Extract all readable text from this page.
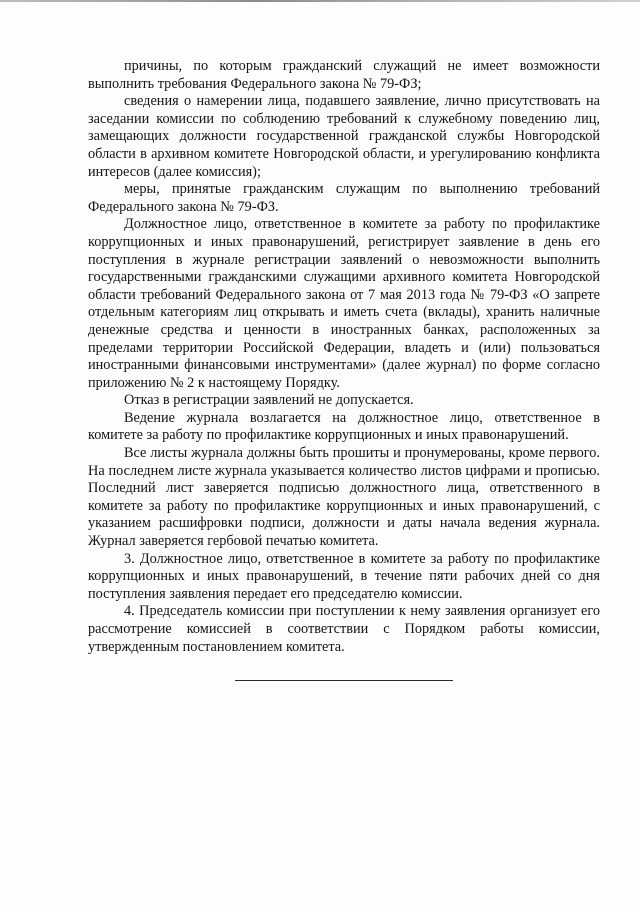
причины, по которым гражданский служащий не имеет возможности выполнить требования Федерального закона № 79-ФЗ;

сведения о намерении лица, подавшего заявление, лично присутствовать на заседании комиссии по соблюдению требований к служебному поведению лиц, замещающих должности государственной гражданской службы Новгородской области в архивном комитете Новгородской области, и урегулированию конфликта интересов (далее комиссия);

меры, принятые гражданским служащим по выполнению требований Федерального закона № 79-ФЗ.

Должностное лицо, ответственное в комитете за работу по профилактике коррупционных и иных правонарушений, регистрирует заявление в день его поступления в журнале регистрации заявлений о невозможности выполнить государственными гражданскими служащими архивного комитета Новгородской области требований Федерального закона от 7 мая 2013 года № 79-ФЗ «О запрете отдельным категориям лиц открывать и иметь счета (вклады), хранить наличные денежные средства и ценности в иностранных банках, расположенных за пределами территории Российской Федерации, владеть и (или) пользоваться иностранными финансовыми инструментами» (далее журнал) по форме согласно приложению № 2 к настоящему Порядку.

Отказ в регистрации заявлений не допускается.

Ведение журнала возлагается на должностное лицо, ответственное в комитете за работу по профилактике коррупционных и иных правонарушений.

Все листы журнала должны быть прошиты и пронумерованы, кроме первого. На последнем листе журнала указывается количество листов цифрами и прописью. Последний лист заверяется подписью должностного лица, ответственного в комитете за работу по профилактике коррупционных и иных правонарушений, с указанием расшифровки подписи, должности и даты начала ведения журнала. Журнал заверяется гербовой печатью комитета.

3. Должностное лицо, ответственное в комитете за работу по профилактике коррупционных и иных правонарушений, в течение пяти рабочих дней со дня поступления заявления передает его председателю комиссии.

4. Председатель комиссии при поступлении к нему заявления организует его рассмотрение комиссией в соответствии с Порядком работы комиссии, утвержденным постановлением комитета.
